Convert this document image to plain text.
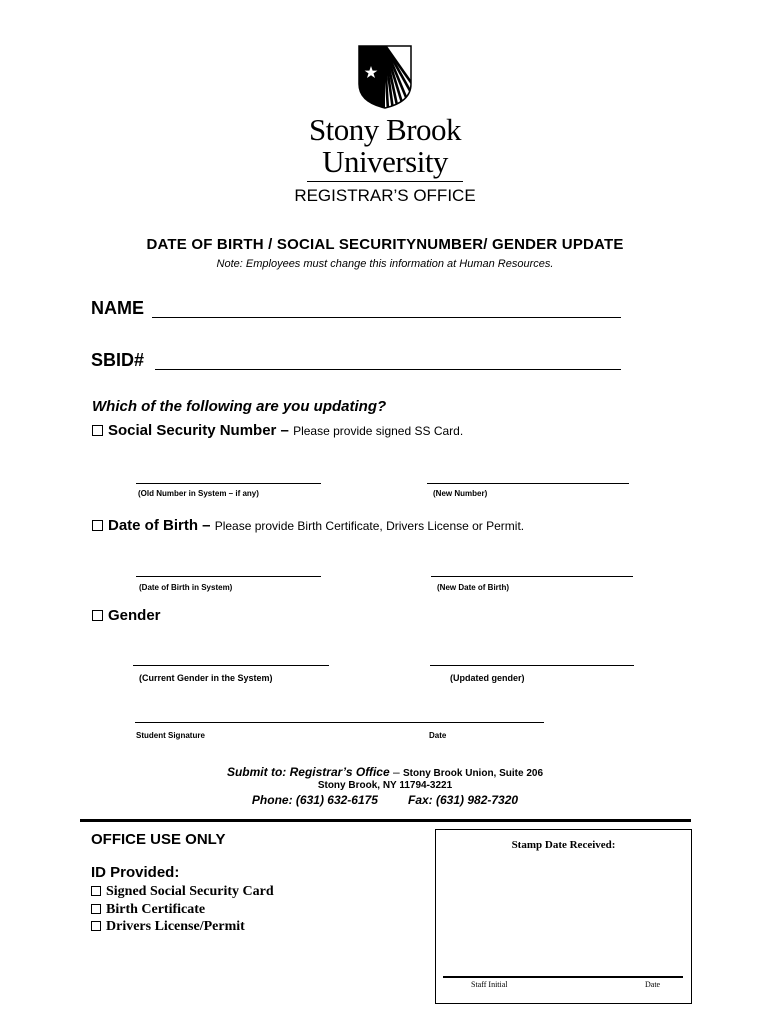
Stony Brook
University
REGISTRAR’S OFFICE
DATE OF BIRTH / SOCIAL SECURITYNUMBER/ GENDER UPDATE
Note: Employees must change this information at Human Resources.
NAME
SBID#
Which of the following are you updating?
Social Security Number – Please provide signed SS Card.
(Old Number in System – if any)	(New Number)
Date of Birth – Please provide Birth Certificate, Drivers License or Permit.
(Date of Birth in System)	(New Date of Birth)
Gender
(Current Gender in the System)	(Updated gender)
Student Signature	Date
Submit to: Registrar’s Office – Stony Brook Union, Suite 206
Stony Brook, NY 11794-3221
Phone: (631) 632-6175	Fax: (631) 982-7320
OFFICE USE ONLY
ID Provided:
Signed Social Security Card
Birth Certificate
Drivers License/Permit
Stamp Date Received:
Staff Initial	Date
